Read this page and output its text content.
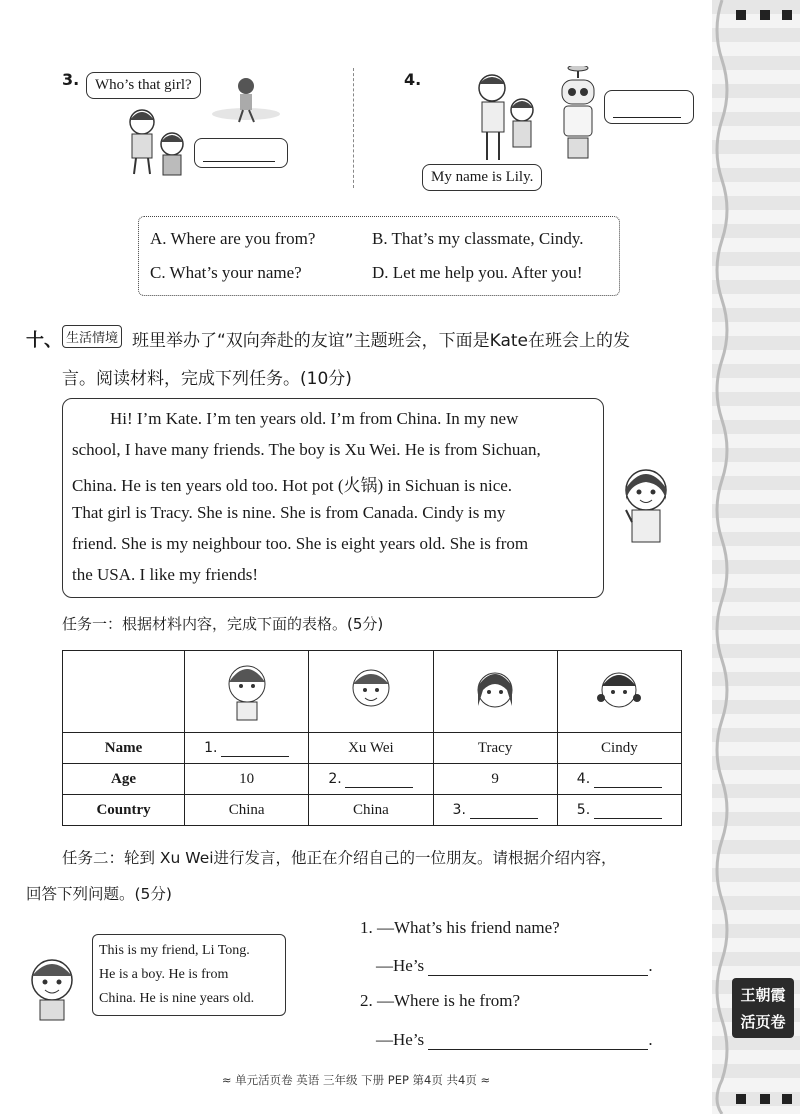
王朝霞
活页卷
3.	Who’s that girl?	4.
My name is Lily.
A. Where are you from?	B. That’s my classmate, Cindy.
C. What’s your name?	D. Let me help you. After you!
十、 生活情境 班里举办了“双向奔赴的友谊”主题班会，下面是Kate在班会上的发
言。阅读材料，完成下列任务。(10分)
Hi! I’m Kate. I’m ten years old. I’m from China. In my new
school, I have many friends. The boy is Xu Wei. He is from Sichuan,
China. He is ten years old too. Hot pot (火锅) in Sichuan is nice.
That girl is Tracy. She is nine. She is from Canada. Cindy is my
friend. She is my neighbour too. She is eight years old. She is from
the USA. I like my friends!
任务一：根据材料内容，完成下面的表格。(5分)

Name	1.	Xu Wei	Tracy	Cindy
Age	10	2.	9	4.
Country	China	China	3.	5.
任务二：轮到 Xu Wei进行发言，他正在介绍自己的一位朋友。请根据介绍内容，
回答下列问题。(5分)
This is my friend, Li Tong.
He is a boy. He is from
China. He is nine years old.
1. —What’s his friend name?
—He’s	.
2. —Where is he from?
—He’s	.
≈ 单元活页卷 英语 三年级 下册 PEP 第4页 共4页 ≈
